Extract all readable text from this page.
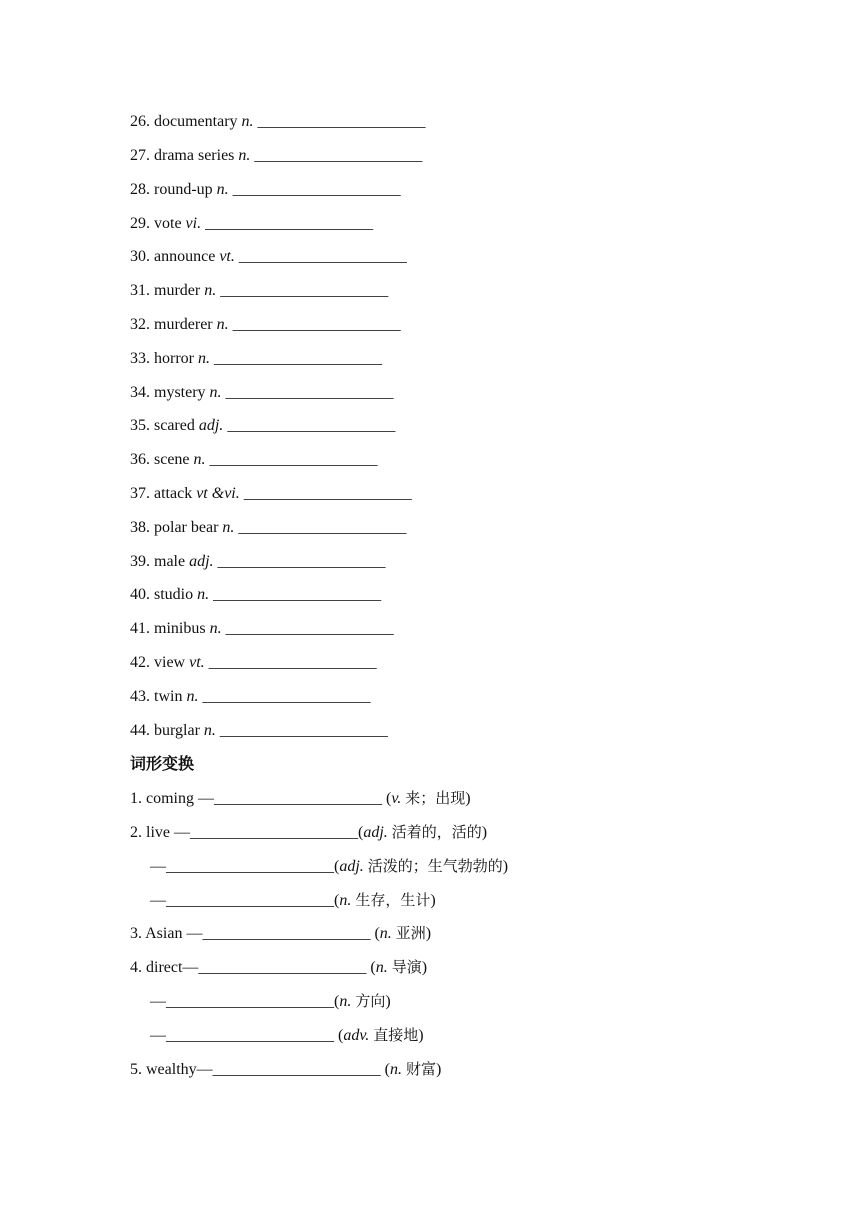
26. documentary n. _____________________
27. drama series n. _____________________
28. round-up n. _____________________
29. vote vi. _____________________
30. announce vt. _____________________
31. murder n. _____________________
32. murderer n. _____________________
33. horror n. _____________________
34. mystery n. _____________________
35. scared adj. _____________________
36. scene n. _____________________
37. attack vt &vi. _____________________
38. polar bear n. _____________________
39. male adj. _____________________
40. studio n. _____________________
41. minibus n. _____________________
42. view vt. _____________________
43. twin n. _____________________
44. burglar n. _____________________
词形变换
1. coming —_____________________ (v. 来；出现)
2. live —_____________________(adj. 活着的，活的)
—_____________________(adj. 活泼的；生气勃勃的)
—_____________________(n. 生存，生计)
3. Asian —_____________________ (n. 亚洲)
4. direct—_____________________ (n. 导演)
—_____________________(n. 方向)
—_____________________ (adv. 直接地)
5. wealthy—_____________________ (n. 财富)
